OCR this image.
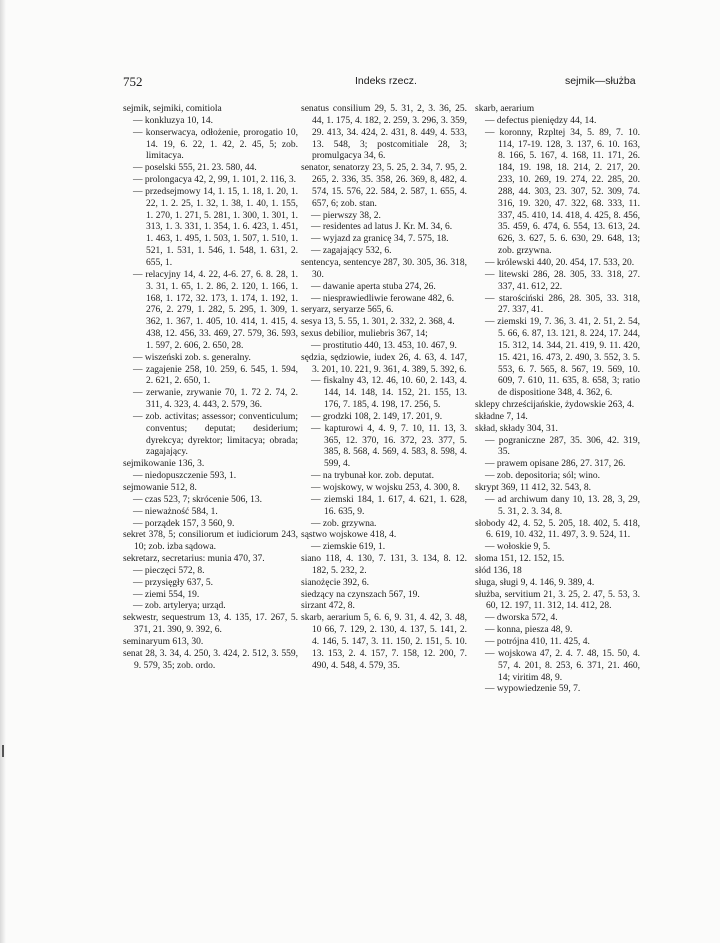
752	Indeks rzecz.	sejmik—służba

sejmik, sejmiki, comitiola

— konkluzya 10, 14.

— konserwacya, odłożenie, prorogatio 10, 14. 19, 6. 22, 1. 42, 2. 45, 5; zob. limitacya.

— poselski 555, 21. 23. 580, 44.

— prolongacya 42, 2, 99, 1. 101, 2. 116, 3.

— przedsejmowy 14, 1. 15, 1. 18, 1. 20, 1. 22, 1. 2. 25, 1. 32, 1. 38, 1. 40, 1. 155, 1. 270, 1. 271, 5. 281, 1. 300, 1. 301, 1. 313, 1. 3. 331, 1. 354, 1. 6. 423, 1. 451, 1. 463, 1. 495, 1. 503, 1. 507, 1. 510, 1. 521, 1. 531, 1. 546, 1. 548, 1. 631, 2. 655, 1.

— relacyjny 14, 4. 22, 4-6. 27, 6. 8. 28, 1. 3. 31, 1. 65, 1. 2. 86, 2. 120, 1. 166, 1. 168, 1. 172, 32. 173, 1. 174, 1. 192, 1. 276, 2. 279, 1. 282, 5. 295, 1. 309, 1. 362, 1. 367, 1. 405, 10. 414, 1. 415, 4. 438, 12. 456, 33. 469, 27. 579, 36. 593, 1. 597, 2. 606, 2. 650, 28.

— wiszeński zob. s. generalny.

— zagajenie 258, 10. 259, 6. 545, 1. 594, 2. 621, 2. 650, 1.

— zerwanie, zrywanie 70, 1. 72 2. 74, 2. 311, 4. 323, 4. 443, 2. 579, 36.

— zob. activitas; assessor; conventiculum; conventus; deputat; desiderium; dyrekcya; dyrektor; limitacya; obrada; zagajający.

sejmikowanie 136, 3.

— niedopuszczenie 593, 1.

sejmowanie 512, 8.

— czas 523, 7; skrócenie 506, 13.

— nieważność 584, 1.

— porządek 157, 3 560, 9.

sekret 378, 5; consiliorum et iudiciorum 243, 10; zob. izba sądowa.

sekretarz, secretarius: munia 470, 37.

— pieczęci 572, 8.

— przysięgły 637, 5.

— ziemi 554, 19.

— zob. artylerya; urząd.

sekwestr, sequestrum 13, 4. 135, 17. 267, 5. 371, 21. 390, 9. 392, 6.

seminaryum 613, 30.

senat 28, 3. 34, 4. 250, 3. 424, 2. 512, 3. 559, 9. 579, 35; zob. ordo.

senatus consilium 29, 5. 31, 2, 3. 36, 25. 44, 1. 175, 4. 182, 2. 259, 3. 296, 3. 359, 29. 413, 34. 424, 2. 431, 8. 449, 4. 533, 13. 548, 3; postcomitiale 28, 3; promulgacya 34, 6.

senator, senatorzy 23, 5. 25, 2. 34, 7. 95, 2. 265, 2. 336, 35. 358, 26. 369, 8, 482, 4. 574, 15. 576, 22. 584, 2. 587, 1. 655, 4. 657, 6; zob. stan.

— pierwszy 38, 2.

— residentes ad latus J. Kr. M. 34, 6.

— wyjazd za granicę 34, 7. 575, 18.

— zagajający 532, 6.

sentencya, sentencye 287, 30. 305, 36. 318, 30.

— dawanie aperta stuba 274, 26.

— niesprawiedliwie ferowane 482, 6.

seryarz, seryarze 565, 6.

sesya 13, 5. 55, 1. 301, 2. 332, 2. 368, 4.

sexus debilior, muliebris 367, 14;

— prostitutio 440, 13. 453, 10. 467, 9.

sędzia, sędziowie, iudex 26, 4. 63, 4. 147, 3. 201, 10. 221, 9. 361, 4. 389, 5. 392, 6.

— fiskalny 43, 12. 46, 10. 60, 2. 143, 4. 144, 14. 148, 14. 152, 21. 155, 13. 176, 7. 185, 4. 198, 17. 256, 5.

— grodzki 108, 2. 149, 17. 201, 9.

— kapturowi 4, 4. 9, 7. 10, 11. 13, 3. 365, 12. 370, 16. 372, 23. 377, 5. 385, 8. 568, 4. 569, 4. 583, 8. 598, 4. 599, 4.

— na trybunał kor. zob. deputat.

— wojskowy, w wojsku 253, 4. 300, 8.

— ziemski 184, 1. 617, 4. 621, 1. 628, 16. 635, 9.

— zob. grzywna.

sąstwo wojskowe 418, 4.

— ziemskie 619, 1.

siano 118, 4. 130, 7. 131, 3. 134, 8. 12. 182, 5. 232, 2.

sianożęcie 392, 6.

siedzący na czynszach 567, 19.

sirzant 472, 8.

skarb, aerarium 5, 6. 6, 9. 31, 4. 42, 3. 48, 10 66, 7. 129, 2. 130, 4. 137, 5. 141, 2. 4. 146, 5. 147, 3. 11. 150, 2. 151, 5. 10. 13. 153, 2. 4. 157, 7. 158, 12. 200, 7. 490, 4. 548, 4. 579, 35.

skarb, aerarium

— defectus pieniędzy 44, 14.

— koronny, Rzpltej 34, 5. 89, 7. 10. 114, 17-19. 128, 3. 137, 6. 10. 163, 8. 166, 5. 167, 4. 168, 11. 171, 26. 184, 19. 198, 18. 214, 2. 217, 20. 233, 10. 269, 19. 274, 22. 285, 20. 288, 44. 303, 23. 307, 52. 309, 74. 316, 19. 320, 47. 322, 68. 333, 11. 337, 45. 410, 14. 418, 4. 425, 8. 456, 35. 459, 6. 474, 6. 554, 13. 613, 24. 626, 3. 627, 5. 6. 630, 29. 648, 13; zob. grzywna.

— królewski 440, 20. 454, 17. 533, 20.

— litewski 286, 28. 305, 33. 318, 27. 337, 41. 612, 22.

— starościński 286, 28. 305, 33. 318, 27. 337, 41.

— ziemski 19, 7. 36, 3. 41, 2. 51, 2. 54, 5. 66, 6. 87, 13. 121, 8. 224, 17. 244, 15. 312, 14. 344, 21. 419, 9. 11. 420, 15. 421, 16. 473, 2. 490, 3. 552, 3. 5. 553, 6. 7. 565, 8. 567, 19. 569, 10. 609, 7. 610, 11. 635, 8. 658, 3; ratio de dispositione 348, 4. 362, 6.

sklepy chrześcijańskie, żydowskie 263, 4.

składne 7, 14.

skład, składy 304, 31.

— pograniczne 287, 35. 306, 42. 319, 35.

— prawem opisane 286, 27. 317, 26.

— zob. depositoria; sól; wino.

skrypt 369, 11 412, 32. 543, 8.

— ad archiwum dany 10, 13. 28, 3, 29, 5. 31, 2. 3. 34, 8.

słobody 42, 4. 52, 5. 205, 18. 402, 5. 418, 6. 619, 10. 432, 11. 497, 3. 9. 524, 11.

— wołoskie 9, 5.

słoma 151, 12. 152, 15.

słód 136, 18

sługa, sługi 9, 4. 146, 9. 389, 4.

służba, servitium 21, 3. 25, 2. 47, 5. 53, 3. 60, 12. 197, 11. 312, 14. 412, 28.

— dworska 572, 4.

— konna, piesza 48, 9.

— potrójna 410, 11. 425, 4.

— wojskowa 47, 2. 4. 7. 48, 15. 50, 4. 57, 4. 201, 8. 253, 6. 371, 21. 460, 14; viritim 48, 9.

— wypowiedzenie 59, 7.
